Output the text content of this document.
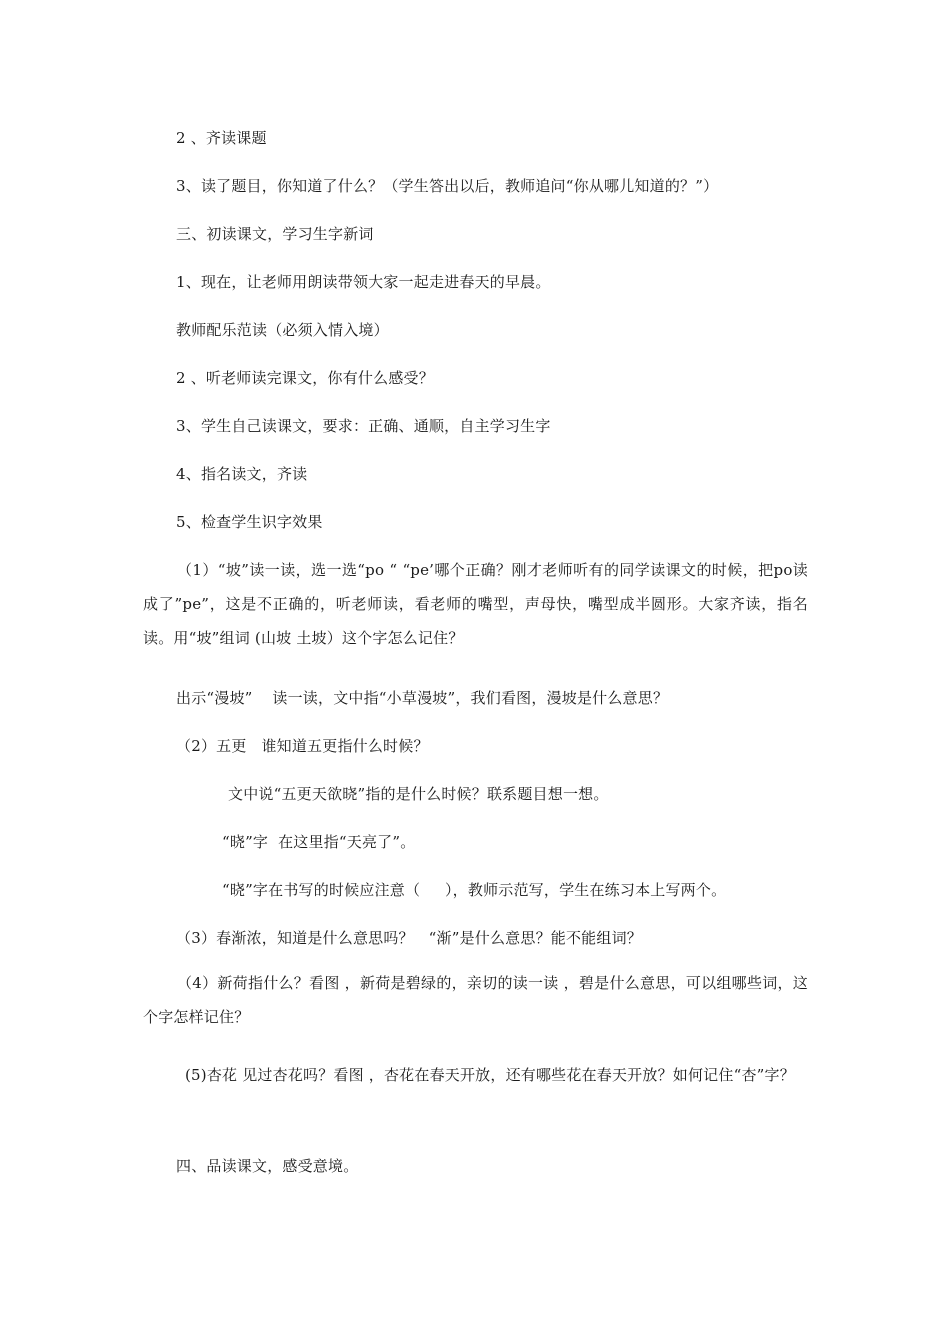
2 、齐读课题
3、读了题目，你知道了什么？（学生答出以后，教师追问“你从哪儿知道的？”）
三、初读课文，学习生字新词
1、现在，让老师用朗读带领大家一起走进春天的早晨。
教师配乐范读（必须入情入境）
2 、听老师读完课文，你有什么感受？
3、学生自己读课文，要求：正确、通顺，自主学习生字
4、指名读文，齐读
5、检查学生识字效果
（1）“坡”读一读，选一选“po “ “pe’哪个正确？刚才老师听有的同学读课文的时候，把po读成了”pe”，这是不正确的，听老师读，看老师的嘴型，声母快，嘴型成半圆形。大家齐读，指名读。用“坡”组词 (山坡 土坡）这个字怎么记住？
出示“漫坡”    读一读，文中指“小草漫坡”，我们看图，漫坡是什么意思？
（2）五更   谁知道五更指什么时候？
文中说“五更天欲晓”指的是什么时候？联系题目想一想。
“晓”字  在这里指“天亮了”。
“晓”字在书写的时候应注意（     ），教师示范写，学生在练习本上写两个。
（3）春渐浓，知道是什么意思吗？   “渐”是什么意思？能不能组词？
（4）新荷指什么？看图 ，新荷是碧绿的，亲切的读一读 ，碧是什么意思，可以组哪些词，这个字怎样记住？
(5)杏花 见过杏花吗？看图 ，杏花在春天开放，还有哪些花在春天开放？如何记住“杏”字？
四、品读课文，感受意境。
